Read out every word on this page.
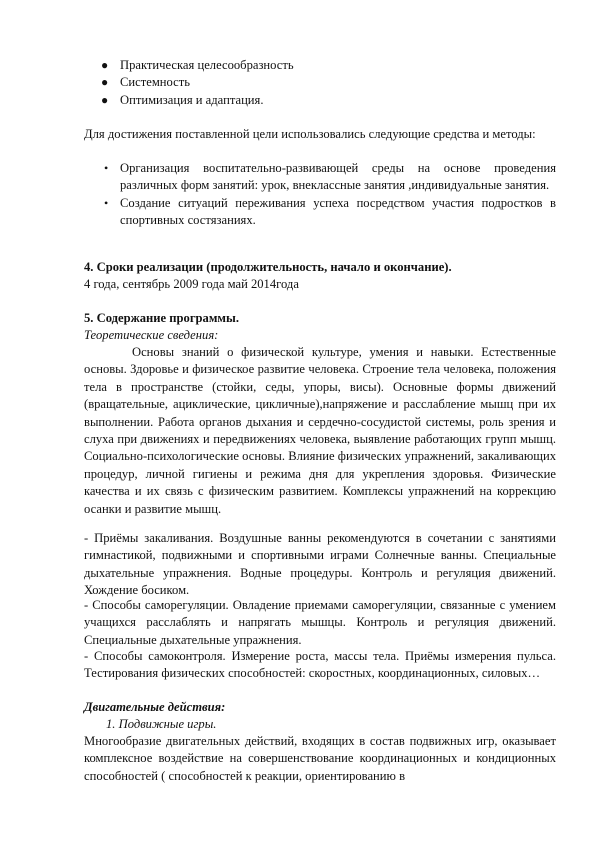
● Практическая целесообразность
● Системность
● Оптимизация и адаптация.
Для достижения поставленной цели использовались следующие средства и методы:
• Организация воспитательно-развивающей среды на основе проведения различных форм занятий: урок, внеклассные занятия ,индивидуальные занятия.
• Создание ситуаций переживания успеха посредством участия подростков в спортивных состязаниях.
4. Сроки реализации (продолжительность, начало и окончание).
4 года, сентябрь 2009 года май 2014года
5. Содержание программы.
Теоретические сведения:
Основы знаний о физической культуре, умения и навыки. Естественные основы. Здоровье и физическое развитие человека. Строение тела человека, положения тела в пространстве (стойки, седы, упоры, висы). Основные формы движений (вращательные, ациклические, цикличные),напряжение и расслабление мышц при их выполнении. Работа органов дыхания и сердечно-сосудистой системы, роль зрения и слуха при движениях и передвижениях человека, выявление работающих групп мышц. Социально-психологические основы. Влияние физических упражнений, закаливающих процедур, личной гигиены и режима дня для укрепления здоровья. Физические качества и их связь с физическим развитием. Комплексы упражнений на коррекцию осанки и развитие мышц.
- Приёмы закаливания. Воздушные ванны рекомендуются в сочетании с занятиями гимнастикой, подвижными и спортивными играми Солнечные ванны. Специальные дыхательные упражнения. Водные процедуры. Контроль и регуляция движений. Хождение босиком.
- Способы саморегуляции. Овладение приемами саморегуляции, связанные с умением учащихся расслаблять и напрягать мышцы. Контроль и регуляция движений. Специальные дыхательные упражнения.
- Способы самоконтроля. Измерение роста, массы тела. Приёмы измерения пульса. Тестирования физических способностей: скоростных, координационных, силовых…
Двигательные действия:
1. Подвижные игры.
Многообразие двигательных действий, входящих в состав подвижных игр, оказывает комплексное воздействие на совершенствование координационных и кондиционных способностей ( способностей к реакции, ориентированию в
